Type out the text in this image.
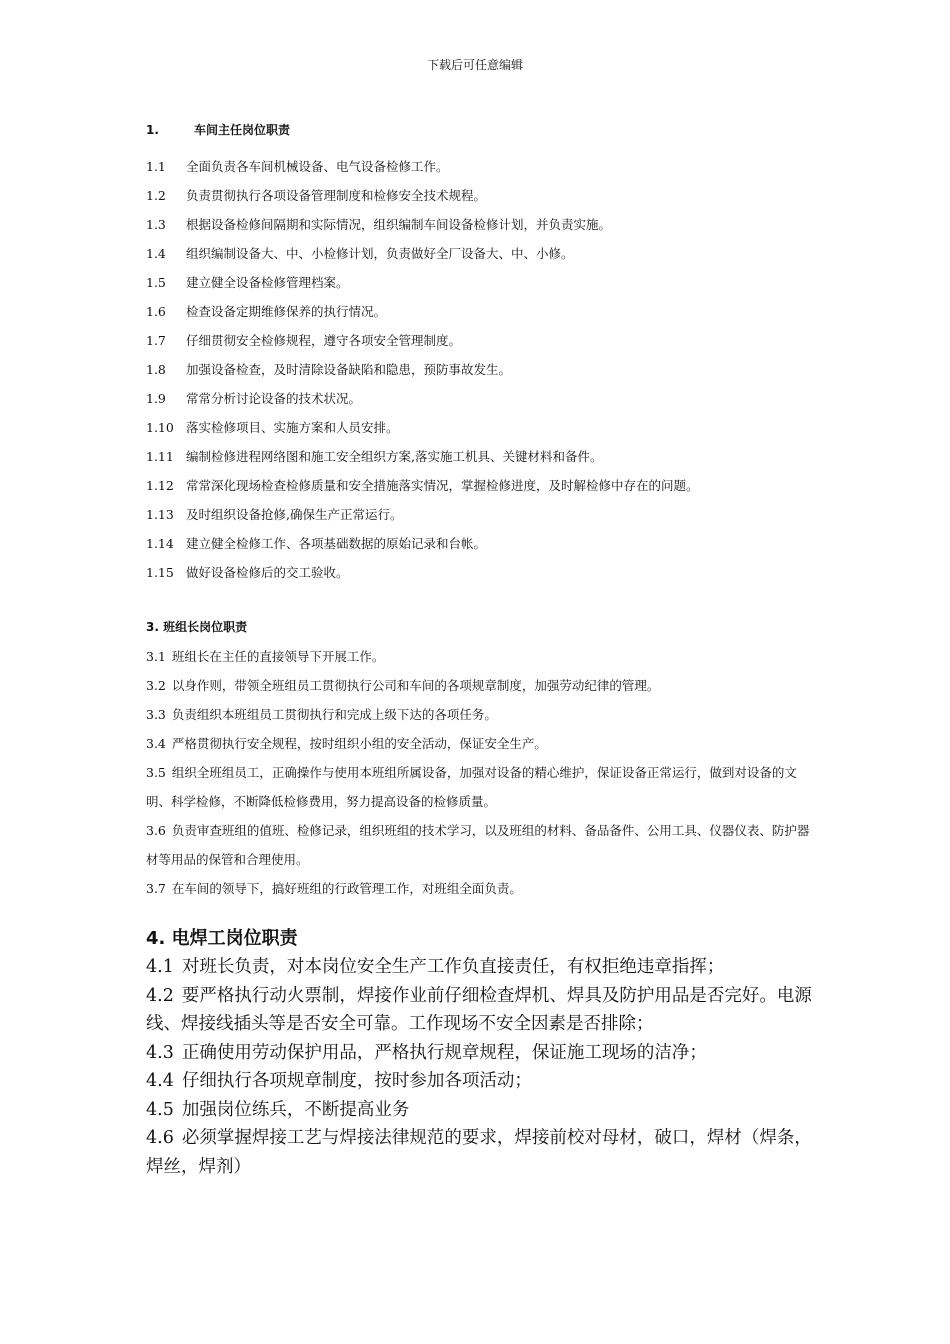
下载后可任意编辑
1.	车间主任岗位职责
1.1 全面负责各车间机械设备、电气设备检修工作。
1.2 负责贯彻执行各项设备管理制度和检修安全技术规程。
1.3 根据设备检修间隔期和实际情况，组织编制车间设备检修计划，并负责实施。
1.4 组织编制设备大、中、小检修计划，负责做好全厂设备大、中、小修。
1.5 建立健全设备检修管理档案。
1.6 检查设备定期维修保养的执行情况。
1.7 仔细贯彻安全检修规程，遵守各项安全管理制度。
1.8 加强设备检查，及时清除设备缺陷和隐患，预防事故发生。
1.9 常常分析讨论设备的技术状况。
1.10 落实检修项目、实施方案和人员安排。
1.11 编制检修进程网络图和施工安全组织方案,落实施工机具、关键材料和备件。
1.12 常常深化现场检查检修质量和安全措施落实情况，掌握检修进度，及时解检修中存在的问题。
1.13 及时组织设备抢修,确保生产正常运行。
1.14 建立健全检修工作、各项基础数据的原始记录和台帐。
1.15 做好设备检修后的交工验收。
3. 班组长岗位职责
3.1 班组长在主任的直接领导下开展工作。
3.2 以身作则，带领全班组员工贯彻执行公司和车间的各项规章制度，加强劳动纪律的管理。
3.3 负责组织本班组员工贯彻执行和完成上级下达的各项任务。
3.4 严格贯彻执行安全规程，按时组织小组的安全活动，保证安全生产。
3.5 组织全班组员工，正确操作与使用本班组所属设备，加强对设备的精心维护，保证设备正常运行，做到对设备的文明、科学检修，不断降低检修费用，努力提高设备的检修质量。
3.6 负责审查班组的值班、检修记录，组织班组的技术学习，以及班组的材料、备品备件、公用工具、仪器仪表、防护器材等用品的保管和合理使用。
3.7 在车间的领导下，搞好班组的行政管理工作，对班组全面负责。
4. 电焊工岗位职责
4.1 对班长负责，对本岗位安全生产工作负直接责任，有权拒绝违章指挥；
4.2 要严格执行动火票制，焊接作业前仔细检查焊机、焊具及防护用品是否完好。电源线、焊接线插头等是否安全可靠。工作现场不安全因素是否排除；
4.3 正确使用劳动保护用品，严格执行规章规程，保证施工现场的洁净；
4.4 仔细执行各项规章制度，按时参加各项活动；
4.5 加强岗位练兵，不断提高业务
4.6 必须掌握焊接工艺与焊接法律规范的要求，焊接前校对母材，破口，焊材（焊条，焊丝，焊剂）
